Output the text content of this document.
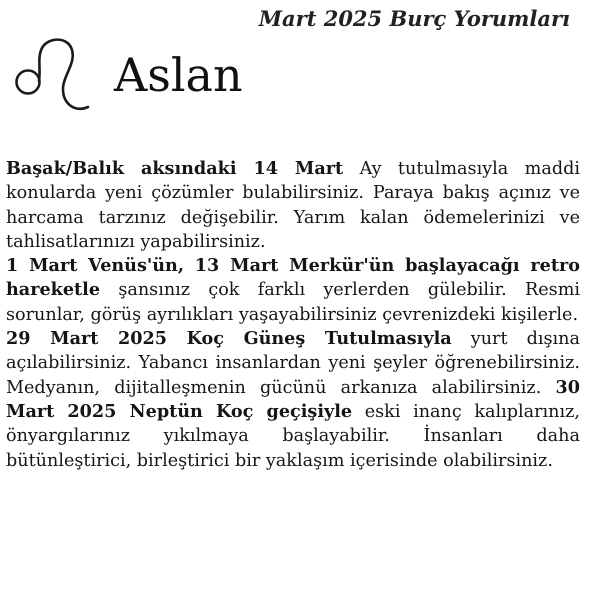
Mart 2025 Burç Yorumları
Aslan

Başak/Balık aksındaki 14 Mart Ay tutulmasıyla maddi konularda yeni çözümler bulabilirsiniz. Paraya bakış açınız ve harcama tarzınız değişebilir. Yarım kalan ödemelerinizi ve tahlisatlarınızı yapabilirsiniz.

1 Mart Venüs'ün, 13 Mart Merkür'ün başlayacağı retro hareketle şansınız çok farklı yerlerden gülebilir. Resmi sorunlar, görüş ayrılıkları yaşayabilirsiniz çevrenizdeki kişilerle.

29 Mart 2025 Koç Güneş Tutulmasıyla yurt dışına açılabilirsiniz. Yabancı insanlardan yeni şeyler öğrenebilirsiniz. Medyanın, dijitalleşmenin gücünü arkanıza alabilirsiniz. 30 Mart 2025 Neptün Koç geçişiyle eski inanç kalıplarınız, önyargılarınız yıkılmaya başlayabilir. İnsanları daha bütünleştirici, birleştirici bir yaklaşım içerisinde olabilirsiniz.
